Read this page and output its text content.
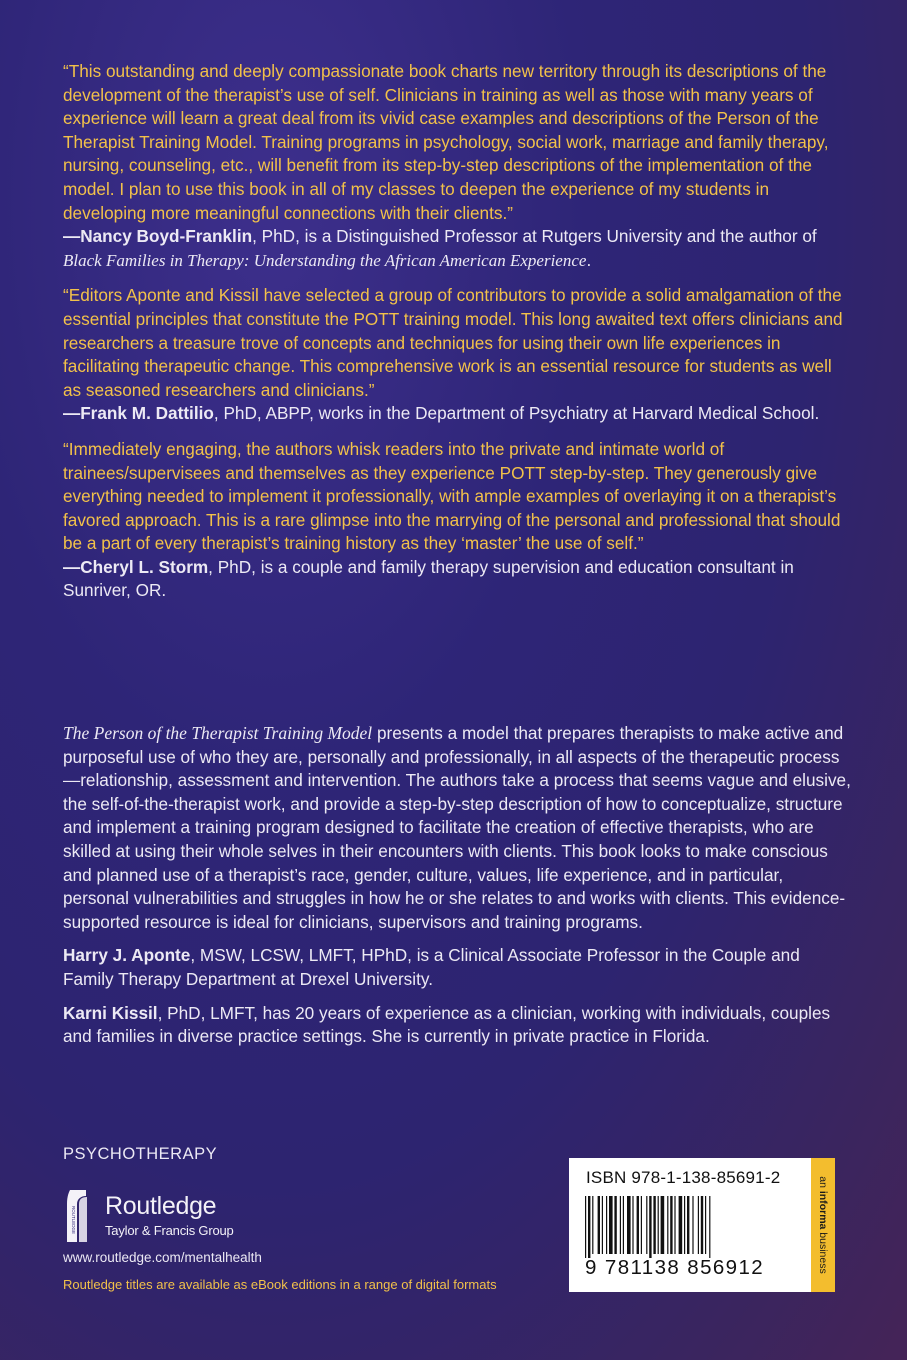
“This outstanding and deeply compassionate book charts new territory through its descriptions of the development of the therapist’s use of self. Clinicians in training as well as those with many years of experience will learn a great deal from its vivid case examples and descriptions of the Person of the Therapist Training Model. Training programs in psychology, social work, marriage and family therapy, nursing, counseling, etc., will benefit from its step-by-step descriptions of the implementation of the model. I plan to use this book in all of my classes to deepen the experience of my students in developing more meaningful connections with their clients.”

—Nancy Boyd-Franklin, PhD, is a Distinguished Professor at Rutgers University and the author of Black Families in Therapy: Understanding the African American Experience.

“Editors Aponte and Kissil have selected a group of contributors to provide a solid amalgamation of the essential principles that constitute the POTT training model. This long awaited text offers clinicians and researchers a treasure trove of concepts and techniques for using their own life experiences in facilitating therapeutic change. This comprehensive work is an essential resource for students as well as seasoned researchers and clinicians.”

—Frank M. Dattilio, PhD, ABPP, works in the Department of Psychiatry at Harvard Medical School.

“Immediately engaging, the authors whisk readers into the private and intimate world of trainees/supervisees and themselves as they experience POTT step-by-step. They generously give everything needed to implement it professionally, with ample examples of overlaying it on a therapist’s favored approach. This is a rare glimpse into the marrying of the personal and professional that should be a part of every therapist’s training history as they ‘master’ the use of self.”

—Cheryl L. Storm, PhD, is a couple and family therapy supervision and education consultant in Sunriver, OR.

The Person of the Therapist Training Model presents a model that prepares therapists to make active and purposeful use of who they are, personally and professionally, in all aspects of the therapeutic process—relationship, assessment and intervention. The authors take a process that seems vague and elusive, the self-of-the-therapist work, and provide a step-by-step description of how to conceptualize, structure and implement a training program designed to facilitate the creation of effective therapists, who are skilled at using their whole selves in their encounters with clients. This book looks to make conscious and planned use of a therapist’s race, gender, culture, values, life experience, and in particular, personal vulnerabilities and struggles in how he or she relates to and works with clients. This evidence-supported resource is ideal for clinicians, supervisors and training programs.

Harry J. Aponte, MSW, LCSW, LMFT, HPhD, is a Clinical Associate Professor in the Couple and Family Therapy Department at Drexel University.

Karni Kissil, PhD, LMFT, has 20 years of experience as a clinician, working with individuals, couples and families in diverse practice settings. She is currently in private practice in Florida.

PSYCHOTHERAPY
ROUTLEDGE Routledge
Taylor & Francis Group
www.routledge.com/mentalhealth
Routledge titles are available as eBook editions in a range of digital formats
ISBN 978-1-138-85691-2
9 781138 856912
an informa business
